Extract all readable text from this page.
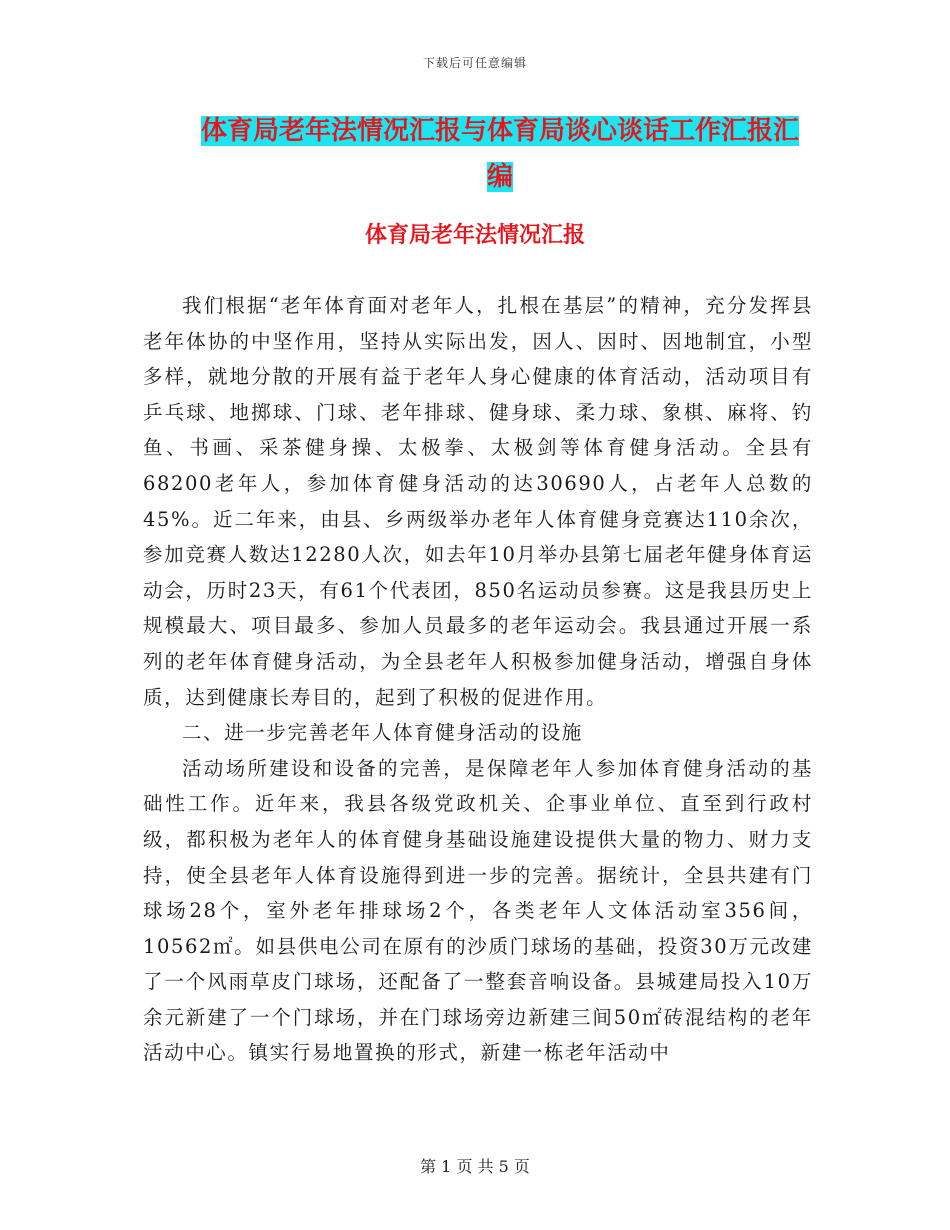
下载后可任意编辑
体育局老年法情况汇报与体育局谈心谈话工作汇报汇编
体育局老年法情况汇报

我们根据“老年体育面对老年人，扎根在基层”的精神，充分发挥县老年体协的中坚作用，坚持从实际出发，因人、因时、因地制宜，小型多样，就地分散的开展有益于老年人身心健康的体育活动，活动项目有乒乓球、地掷球、门球、老年排球、健身球、柔力球、象棋、麻将、钓鱼、书画、采茶健身操、太极拳、太极剑等体育健身活动。全县有68200老年人，参加体育健身活动的达30690人，占老年人总数的45%。近二年来，由县、乡两级举办老年人体育健身竞赛达110余次，参加竞赛人数达12280人次，如去年10月举办县第七届老年健身体育运动会，历时23天，有61个代表团，850名运动员参赛。这是我县历史上规模最大、项目最多、参加人员最多的老年运动会。我县通过开展一系列的老年体育健身活动，为全县老年人积极参加健身活动，增强自身体质，达到健康长寿目的，起到了积极的促进作用。

二、进一步完善老年人体育健身活动的设施

活动场所建设和设备的完善，是保障老年人参加体育健身活动的基础性工作。近年来，我县各级党政机关、企事业单位、直至到行政村级，都积极为老年人的体育健身基础设施建设提供大量的物力、财力支持，使全县老年人体育设施得到进一步的完善。据统计，全县共建有门球场28个，室外老年排球场2个，各类老年人文体活动室356间，10562㎡。如县供电公司在原有的沙质门球场的基础，投资30万元改建了一个风雨草皮门球场，还配备了一整套音响设备。县城建局投入10万余元新建了一个门球场，并在门球场旁边新建三间50㎡砖混结构的老年活动中心。镇实行易地置换的形式，新建一栋老年活动中

第 1 页 共 5 页
